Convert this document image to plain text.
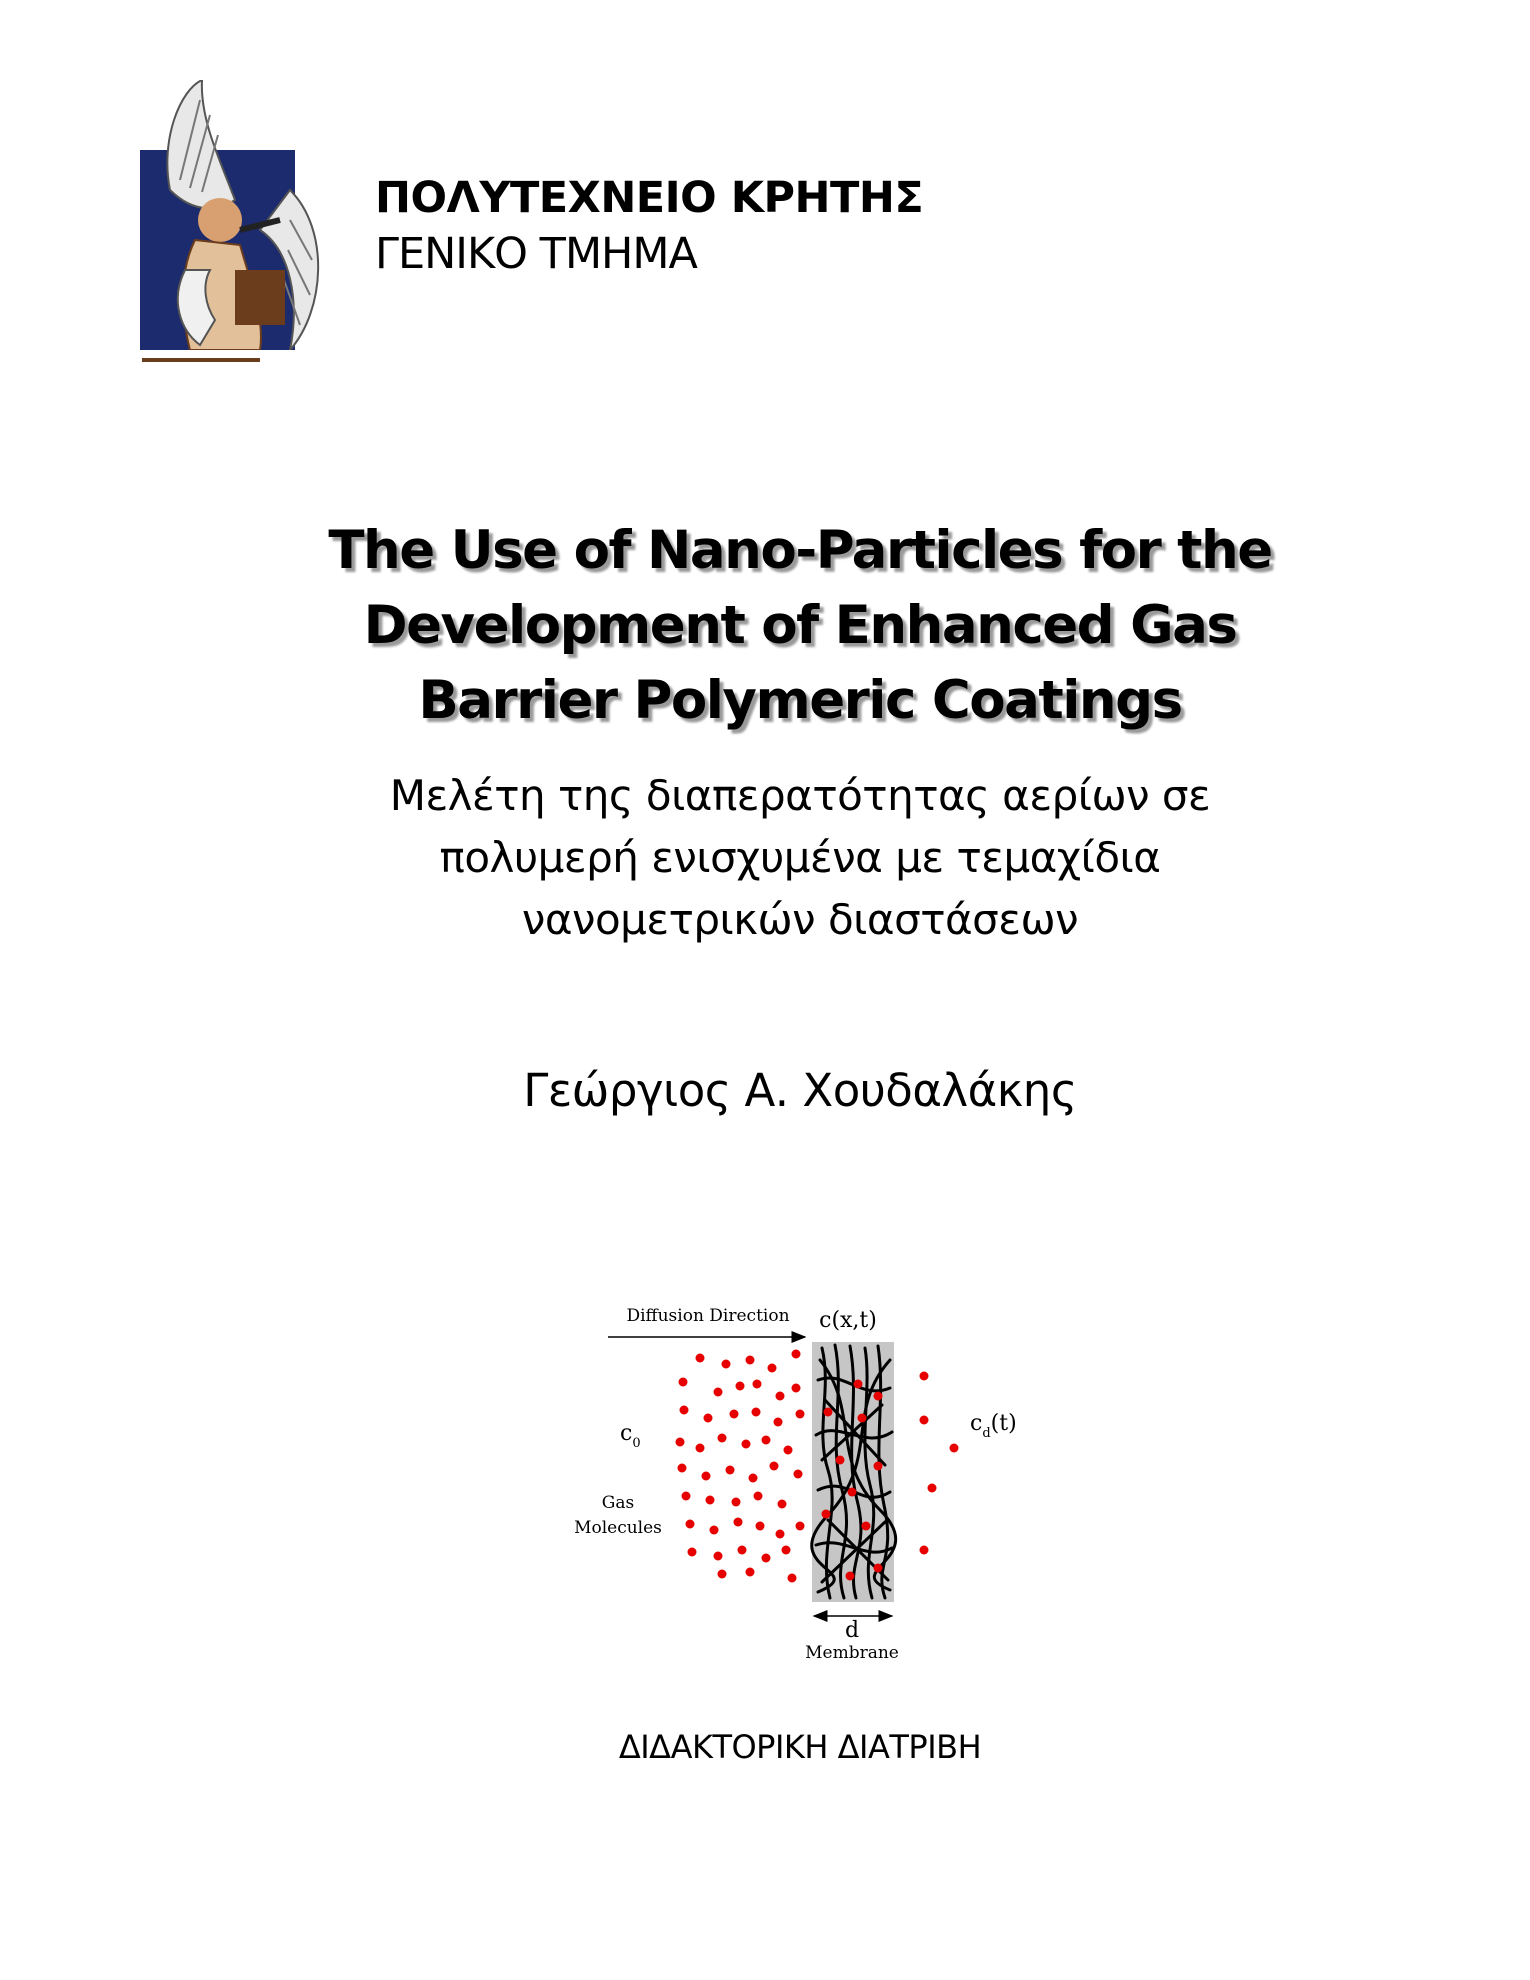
ΠΟΛΥΤΕΧΝΕΙΟ ΚΡΗΤΗΣ
ΓΕΝΙΚΟ ΤΜΗΜΑ
The Use of Nano-Particles for the
Development of Enhanced Gas
Barrier Polymeric Coatings
Μελέτη της διαπερατότητας αερίων σε
πολυμερή ενισχυμένα με τεμαχίδια
νανομετρικών διαστάσεων
Γεώργιος Α. Χουδαλάκης
Diffusion Direction c(x,t)
d
Membrane
$c_0$
Gas
Molecules
$c_d(t)$
ΔΙΔΑΚΤΟΡΙΚΗ ΔΙΑΤΡΙΒΗ
